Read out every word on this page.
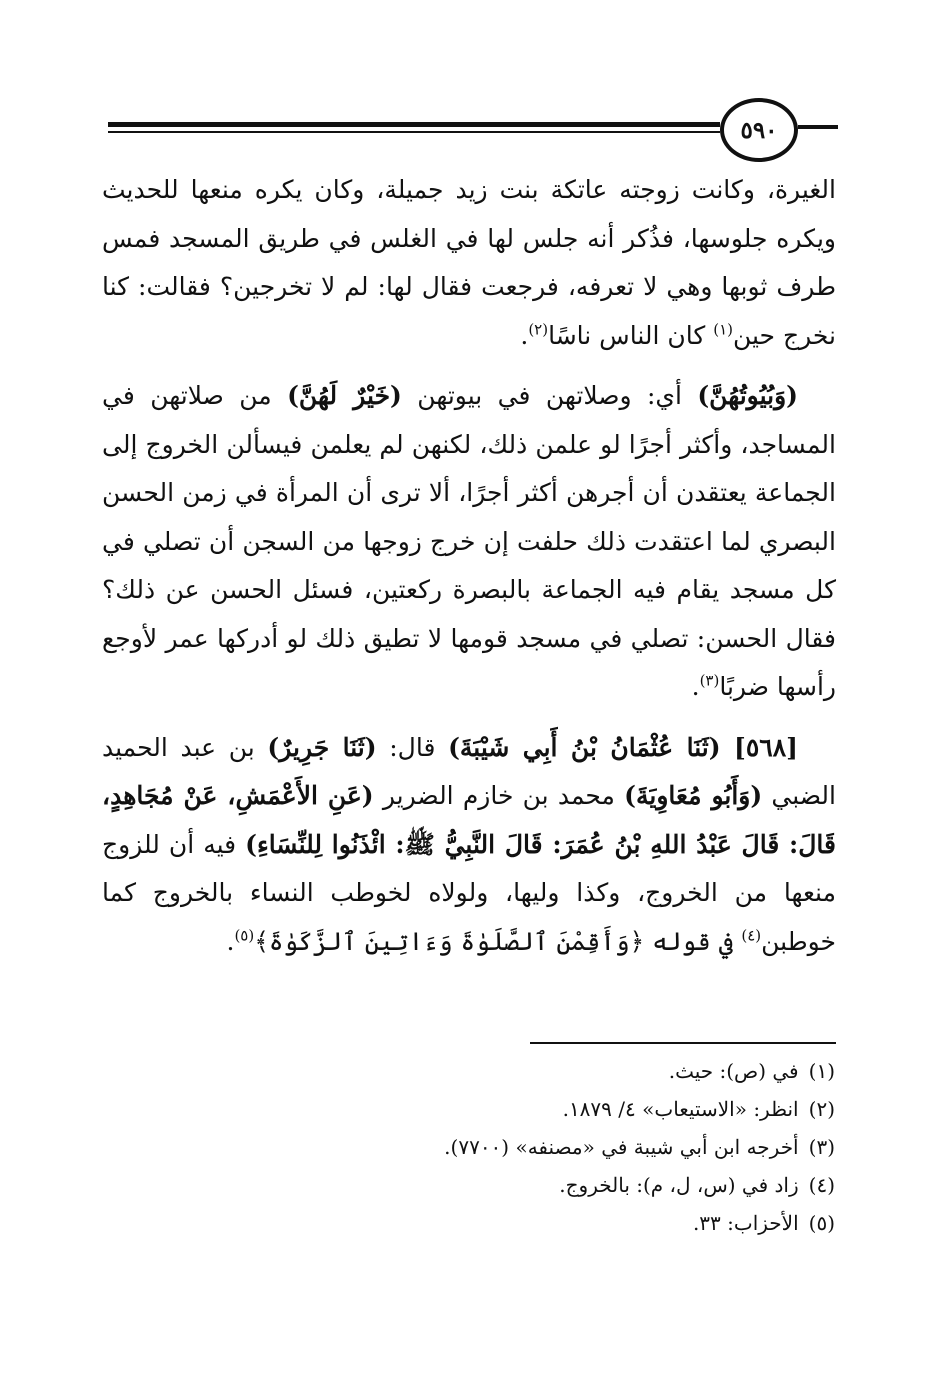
٥٩٠

الغيرة، وكانت زوجته عاتكة بنت زيد جميلة، وكان يكره منعها للحديث ويكره جلوسها، فذُكر أنه جلس لها في الغلس في طريق المسجد فمس طرف ثوبها وهي لا تعرفه، فرجعت فقال لها: لم لا تخرجين؟ فقالت: كنا نخرج حين$^{(١)}$ كان الناس ناسًا$^{(٢)}$.

(وَبُيُوتُهُنَّ) أي: وصلاتهن في بيوتهن (خَيْرٌ لَهُنَّ) من صلاتهن في المساجد، وأكثر أجرًا لو علمن ذلك، لكنهن لم يعلمن فيسألن الخروج إلى الجماعة يعتقدن أن أجرهن أكثر أجرًا، ألا ترى أن المرأة في زمن الحسن البصري لما اعتقدت ذلك حلفت إن خرج زوجها من السجن أن تصلي في كل مسجد يقام فيه الجماعة بالبصرة ركعتين، فسئل الحسن عن ذلك؟ فقال الحسن: تصلي في مسجد قومها لا تطيق ذلك لو أدركها عمر لأوجع رأسها ضربًا$^{(٣)}$.

[٥٦٨] (ثَنَا عُثْمَانُ بْنُ أَبِي شَيْبَةَ) قال: (ثَنَا جَرِيرٌ) بن عبد الحميد الضبي (وَأَبُو مُعَاوِيَةَ) محمد بن خازم الضرير (عَنِ الأَعْمَشِ، عَنْ مُجَاهِدٍ، قَالَ: قَالَ عَبْدُ اللهِ بْنُ عُمَرَ: قَالَ النَّبِيُّ ﷺ: ائْذَنُوا لِلنِّسَاءِ) فيه أن للزوج منعها من الخروج، وكذا وليها، ولولاه لخوطب النساء بالخروج كما خوطبن$^{(٤)}$ في قوله ﴿وَأَقِمْنَ ٱلصَّلَوٰةَ وَءَاتِينَ ٱلزَّكَوٰةَ﴾$^{(٥)}$.

(١)في (ص): حيث.
(٢)انظر: «الاستيعاب» ٤/ ١٨٧٩.
(٣)أخرجه ابن أبي شيبة في «مصنفه» (٧٧٠٠).
(٤)زاد في (س، ل، م): بالخروج.
(٥)الأحزاب: ٣٣.
